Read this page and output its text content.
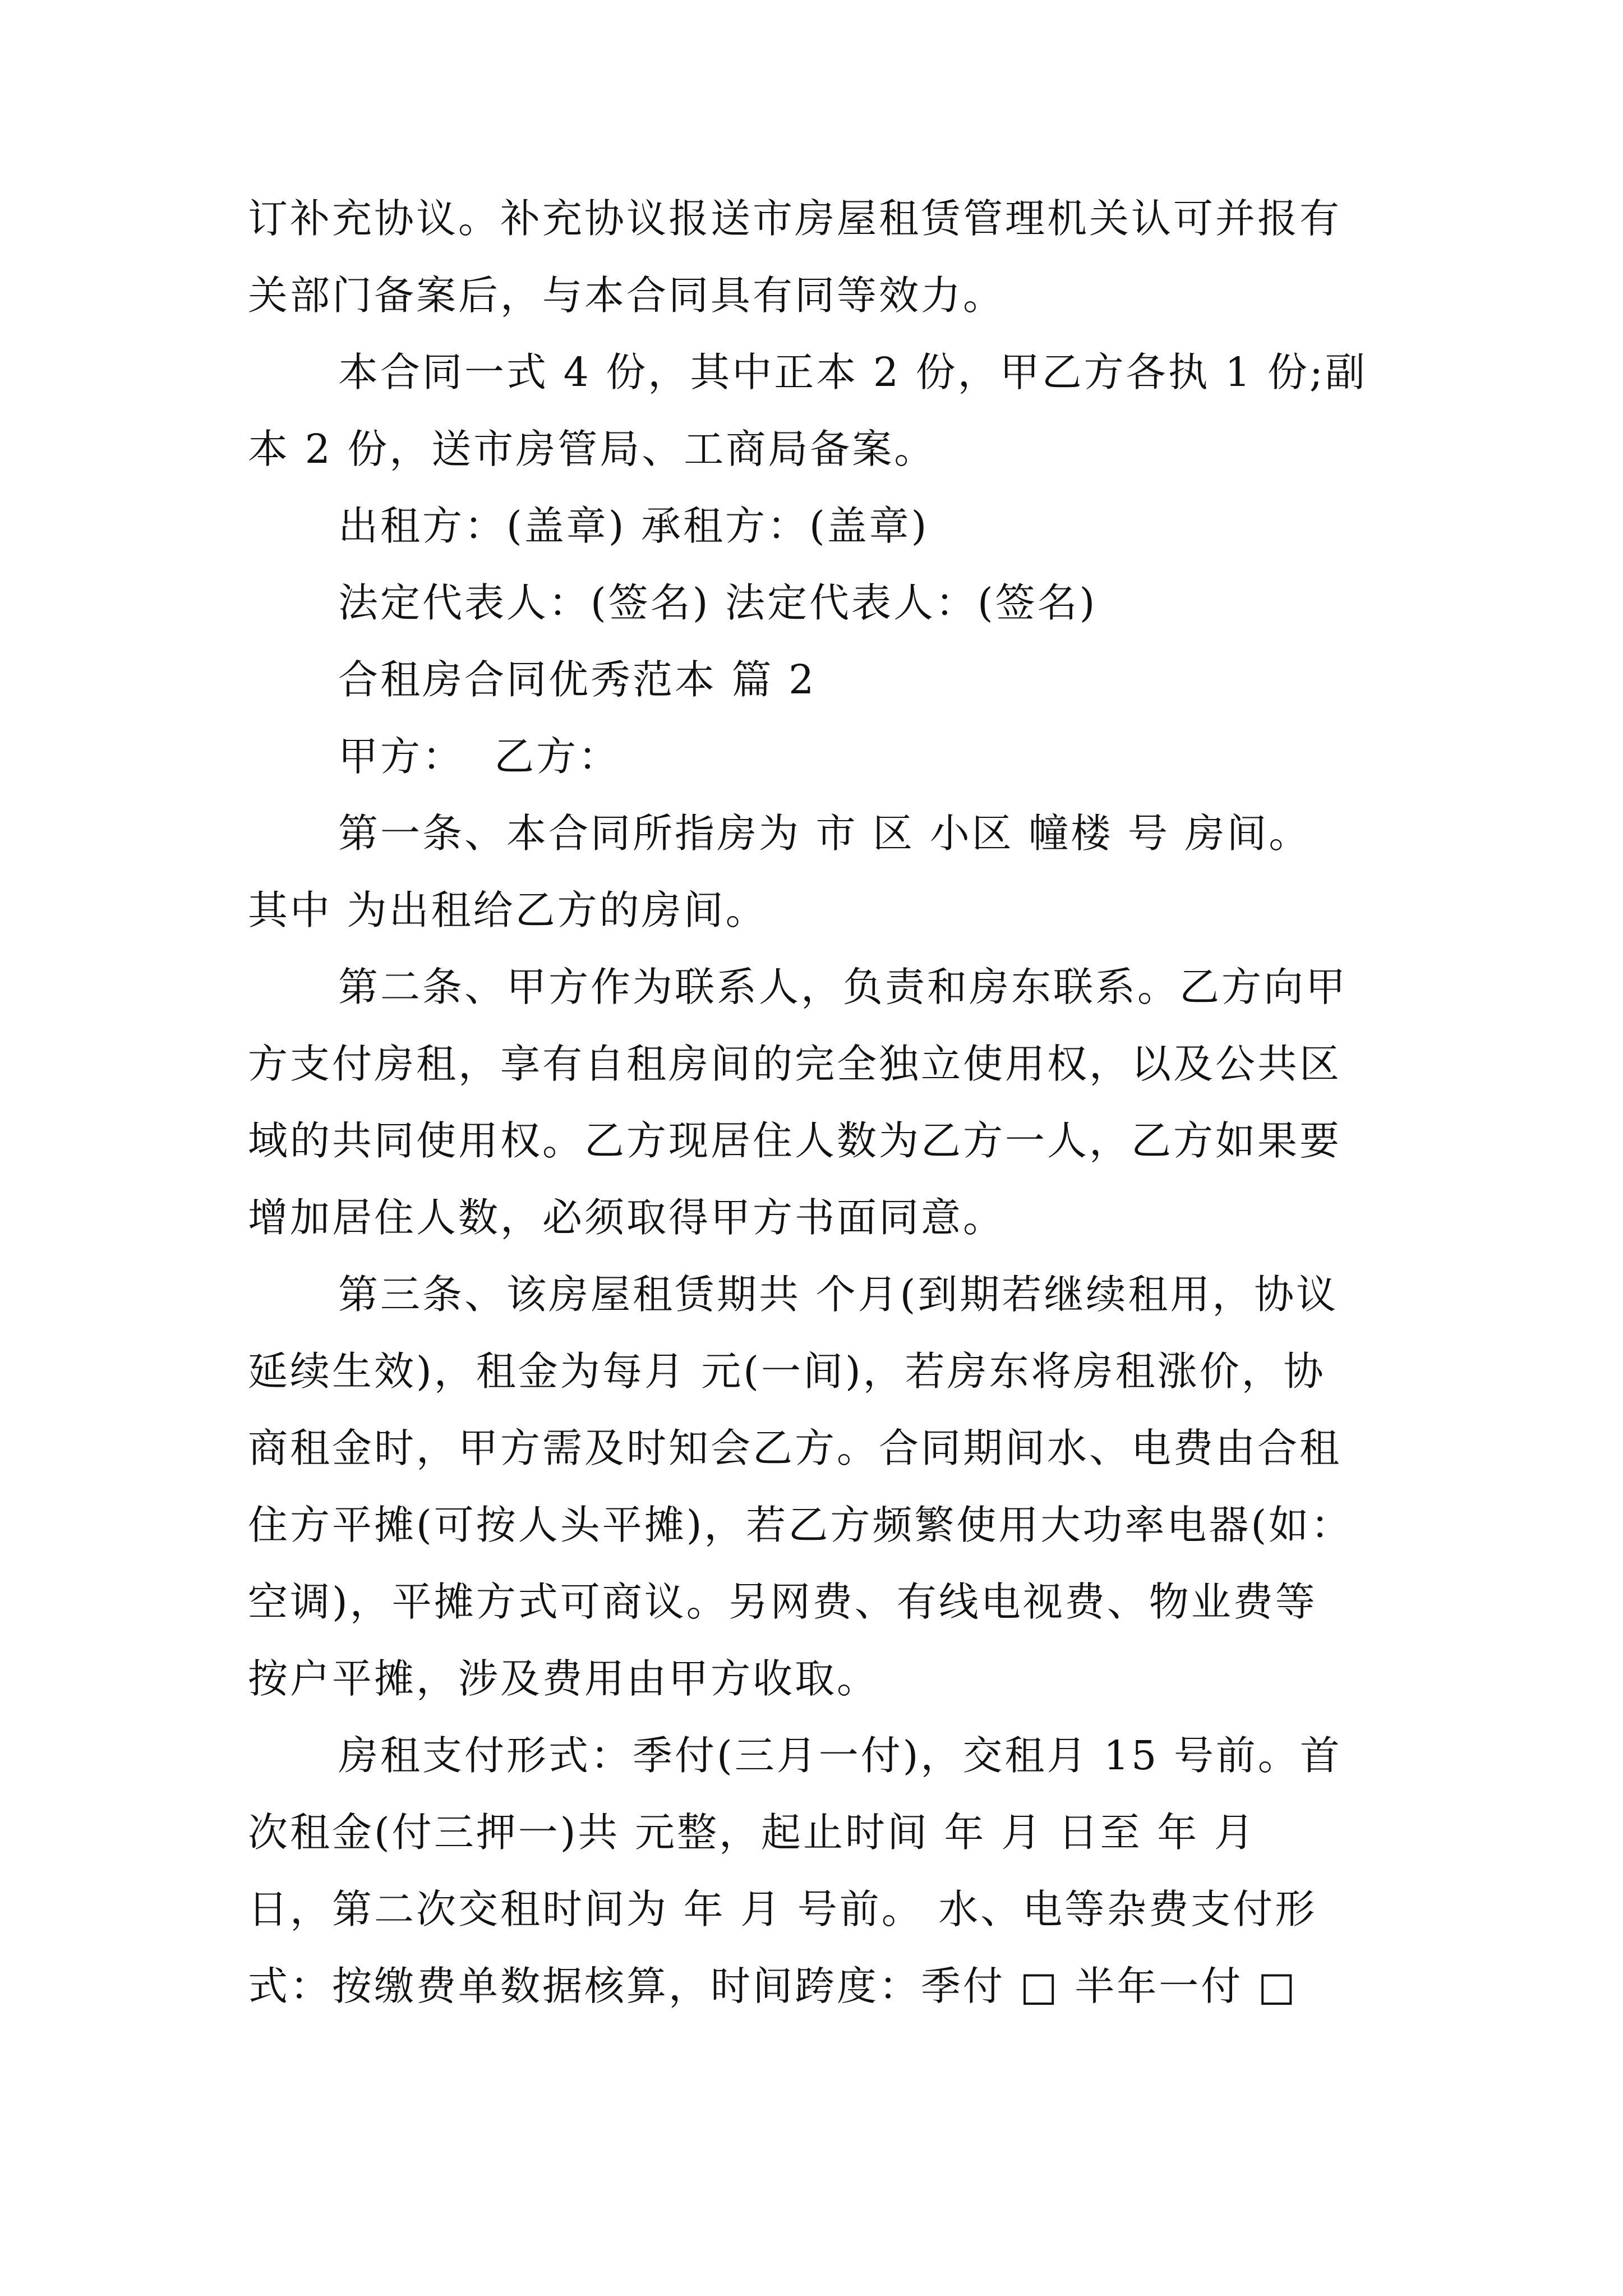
订补充协议。补充协议报送市房屋租赁管理机关认可并报有

关部门备案后，与本合同具有同等效力。

本合同一式 4 份，其中正本 2 份，甲乙方各执 1 份;副

本 2 份，送市房管局、工商局备案。

出租方：(盖章) 承租方：(盖章)

法定代表人：(签名) 法定代表人：(签名)

合租房合同优秀范本 篇 2

甲方：  乙方：

第一条、本合同所指房为 市 区 小区 幢楼 号 房间。

其中 为出租给乙方的房间。

第二条、甲方作为联系人，负责和房东联系。乙方向甲

方支付房租，享有自租房间的完全独立使用权，以及公共区

域的共同使用权。乙方现居住人数为乙方一人，乙方如果要

增加居住人数，必须取得甲方书面同意。

第三条、该房屋租赁期共 个月(到期若继续租用，协议

延续生效)，租金为每月 元(一间)，若房东将房租涨价，协

商租金时，甲方需及时知会乙方。合同期间水、电费由合租

住方平摊(可按人头平摊)，若乙方频繁使用大功率电器(如：

空调)，平摊方式可商议。另网费、有线电视费、物业费等

按户平摊，涉及费用由甲方收取。

房租支付形式：季付(三月一付)，交租月 15 号前。首

次租金(付三押一)共 元整，起止时间 年 月 日至 年 月

日，第二次交租时间为 年 月 号前。 水、电等杂费支付形

式：按缴费单数据核算，时间跨度：季付 □ 半年一付 □
